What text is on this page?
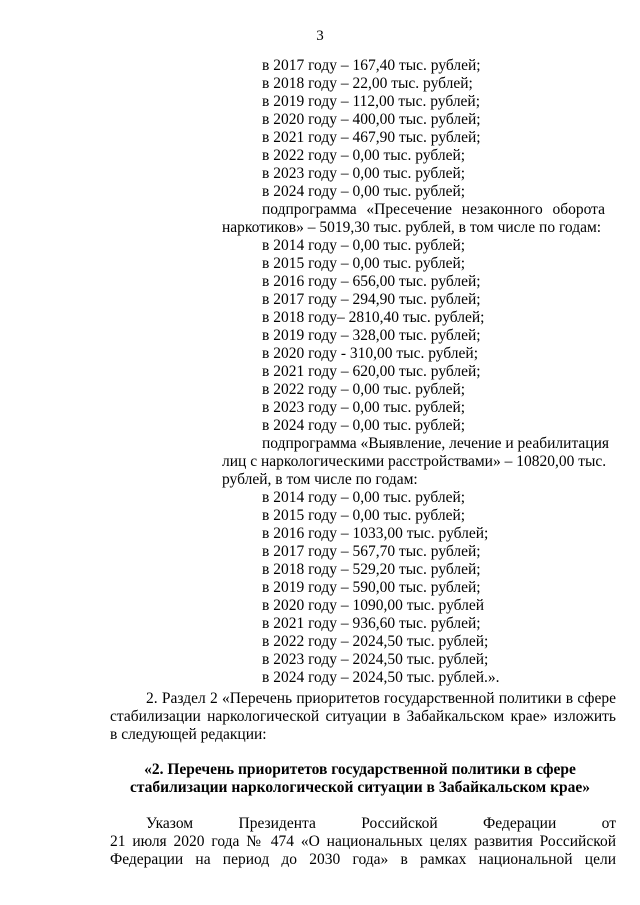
3
в 2017 году – 167,40 тыс. рублей;
в 2018 году – 22,00 тыс. рублей;
в 2019 году – 112,00 тыс. рублей;
в 2020 году – 400,00 тыс. рублей;
в 2021 году – 467,90 тыс. рублей;
в 2022 году – 0,00 тыс. рублей;
в 2023 году – 0,00 тыс. рублей;
в 2024 году – 0,00 тыс. рублей;
подпрограмма «Пресечение незаконного оборота
наркотиков» – 5019,30 тыс. рублей, в том числе по годам:
в 2014 году – 0,00 тыс. рублей;
в 2015 году – 0,00 тыс. рублей;
в 2016 году – 656,00 тыс. рублей;
в 2017 году – 294,90 тыс. рублей;
в 2018 году– 2810,40 тыс. рублей;
в 2019 году – 328,00 тыс. рублей;
в 2020 году - 310,00 тыс. рублей;
в 2021 году – 620,00 тыс. рублей;
в 2022 году – 0,00 тыс. рублей;
в 2023 году – 0,00 тыс. рублей;
в 2024 году – 0,00 тыс. рублей;
подпрограмма «Выявление, лечение и реабилитация
лиц с наркологическими расстройствами» – 10820,00 тыс.
рублей, в том числе по годам:
в 2014 году – 0,00 тыс. рублей;
в 2015 году – 0,00 тыс. рублей;
в 2016 году – 1033,00 тыс. рублей;
в 2017 году – 567,70 тыс. рублей;
в 2018 году – 529,20 тыс. рублей;
в 2019 году – 590,00 тыс. рублей;
в 2020 году – 1090,00 тыс. рублей
в 2021 году – 936,60 тыс. рублей;
в 2022 году – 2024,50 тыс. рублей;
в 2023 году – 2024,50 тыс. рублей;
в 2024 году – 2024,50 тыс. рублей.».
2. Раздел 2 «Перечень приоритетов государственной политики в сфере
стабилизации наркологической ситуации в Забайкальском крае» изложить
в следующей редакции:
«2. Перечень приоритетов государственной политики в сфере
стабилизации наркологической ситуации в Забайкальском крае»
Указом Президента Российской Федерации от
21 июля 2020 года № 474 «О национальных целях развития Российской
Федерации на период до 2030 года» в рамках национальной цели
